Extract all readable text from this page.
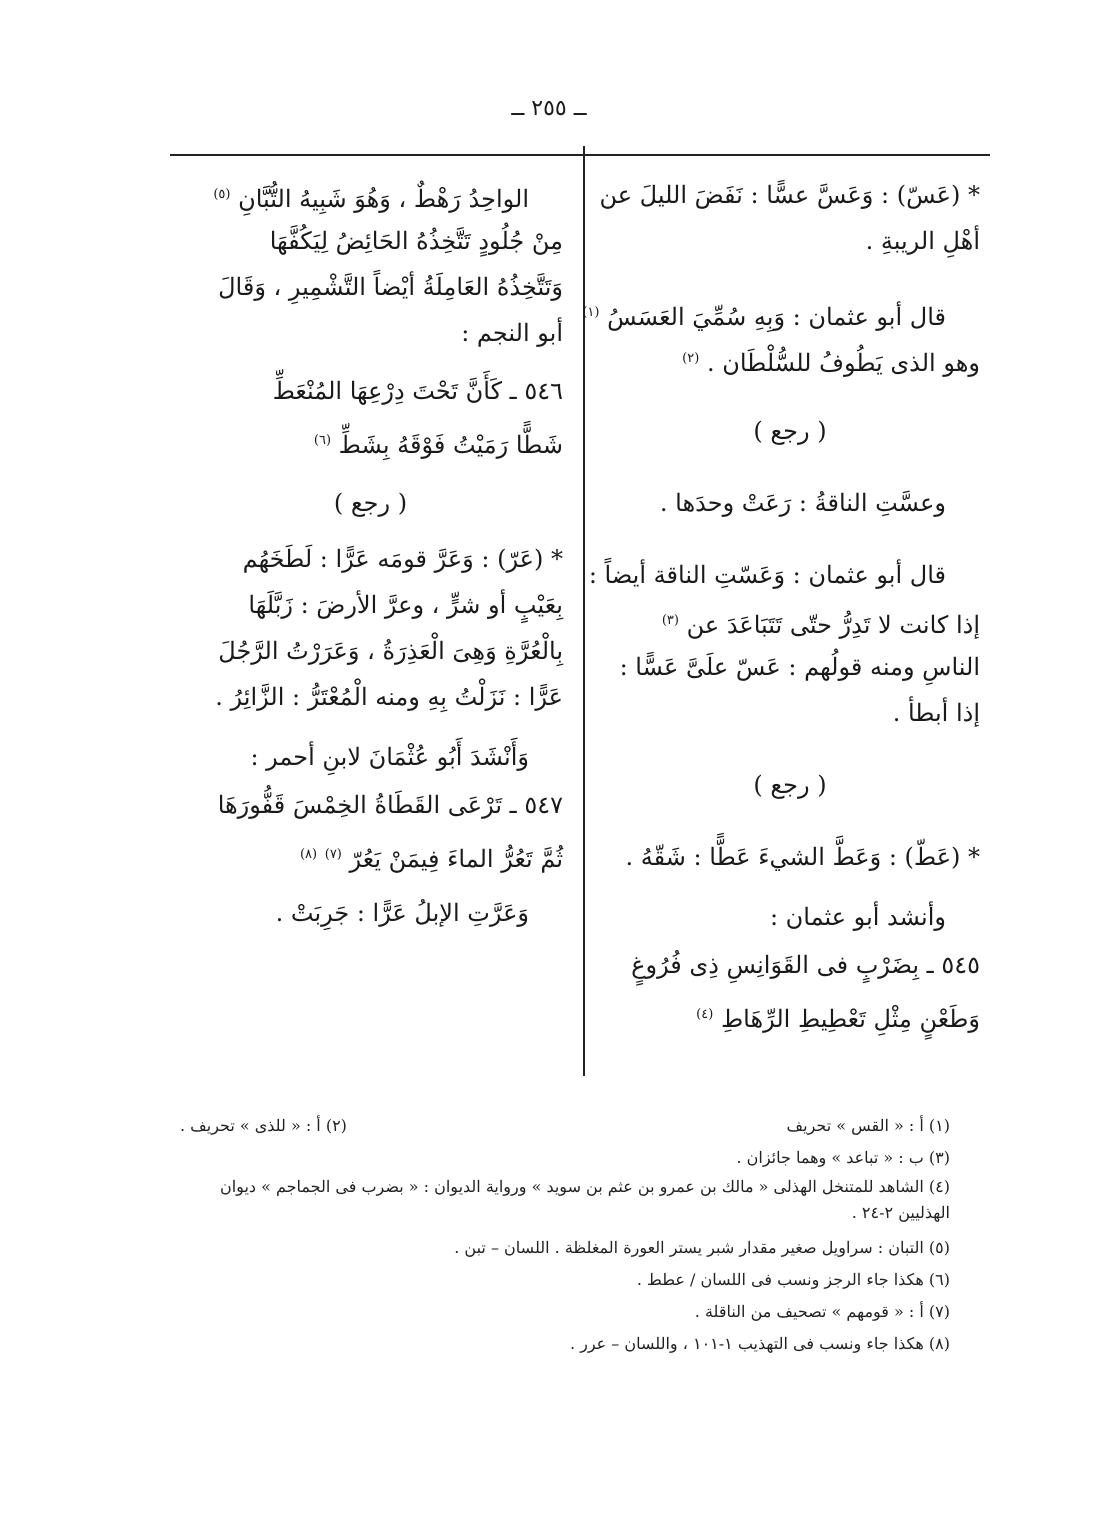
ــ ٢٥٥ ــ
* (عَسّ) : وَعَسَّ عسًّا : نَفَضَ الليلَ عن
أهْلِ الريبةِ .
قال أبو عثمان : وَبِهِ سُمِّيَ العَسَسُ $^{(١)}$
وهو الذى يَطُوفُ للسُّلْطَان . $^{(٢)}$
( رجع )
وعسَّتِ الناقةُ : رَعَتْ وحدَها .
قال أبو عثمان : وَعَسّتِ الناقة أيضاً :
إذا كانت لا تَدِرُّ حتّى تَتَبَاعَدَ عن $^{(٣)}$
الناسِ ومنه قولُهم : عَسّ علَىَّ عَسًّا :
إذا أبطأ .
( رجع )
* (عَطّ) : وَعَطَّ الشيءَ عَطًّا : شَقّهُ .
وأنشد أبو عثمان :
٥٤٥ ـ بِضَرْبٍ فى القَوَانِسِ ذِى فُرُوغٍ
وَطَعْنٍ مِثْلِ تَعْطِيطِ الرِّهَاطِ $^{(٤)}$
الواحِدُ رَهْطٌ ، وَهُوَ شَبِيهُ التُّبَّانِ $^{(٥)}$
مِنْ جُلُودٍ تَتَّخِذُهُ الحَائِضُ لِيَكُفَّهَا
وَتَتَّخِذُهُ العَامِلَةُ أيْضاً التَّشْمِيرِ ، وَقَالَ
أبو النجم :
٥٤٦ ـ كَأَنَّ تَحْتَ دِرْعِهَا المُنْعَطِّ
شَطًّا رَمَيْتُ فَوْقَهُ بِشَطِّ $^{(٦)}$
( رجع )
* (عَرّ) : وَعَرَّ قومَه عَرًّا : لَطَخَهُم
بِعَيْبٍ أو شرٍّ ، وعرَّ الأرضَ : زَبَّلَهَا
بِالْعُرَّةِ وَهِىَ الْعَذِرَةُ ، وَعَرَرْتُ الرَّجُلَ
عَرًّا : نَزَلْتُ بِهِ ومنه الْمُعْتَرُّ : الزَّائِرُ .
وَأَنْشَدَ أَبُو عُثْمَانَ لابنِ أحمر :
٥٤٧ ـ تَرْعَى القَطَاةُ الخِمْسَ قَفُّورَهَا
ثُمَّ تَعُرُّ الماءَ فِيمَنْ يَعُرّ $^{(٧)}$ $^{(٨)}$
وَعَرَّتِ الإبلُ عَرًّا : جَرِبَتْ .
(١) أ : « القس » تحريف
(٢) أ : « للذى » تحريف .
(٣) ب : « تباعد » وهما جائزان .
(٤) الشاهد للمتنخل الهذلى « مالك بن عمرو بن عثم بن سويد » ورواية الديوان : « بضرب فى الجماجم » ديوان الهذليين ٢-٢٤ .
(٥) التبان : سراويل صغير مقدار شبر يستر العورة المغلظة . اللسان – تبن .
(٦) هكذا جاء الرجز ونسب فى اللسان / عطط .
(٧) أ : « قومهم » تصحيف من الناقلة .
(٨) هكذا جاء ونسب فى التهذيب ١-١٠١ ، واللسان – عرر .
